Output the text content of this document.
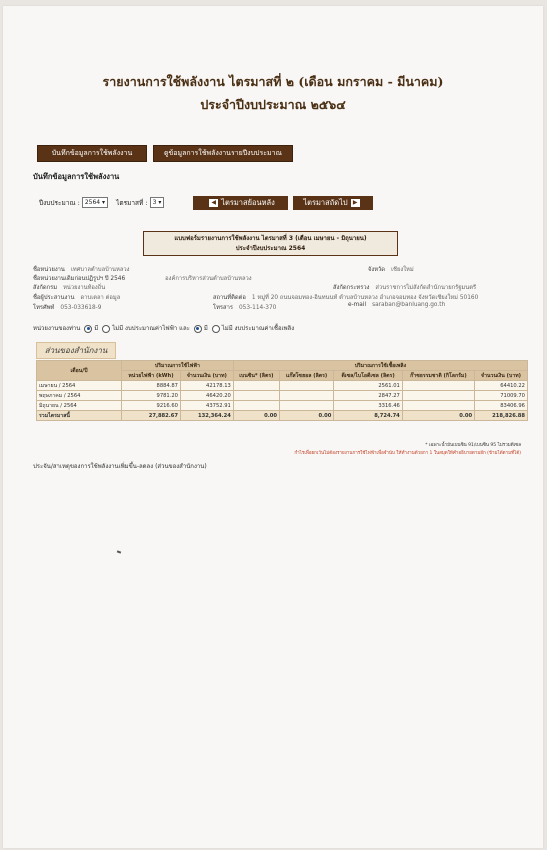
รายงานการใช้พลังงาน ไตรมาสที่ ๒ (เดือน มกราคม - มีนาคม)
ประจำปีงบประมาณ ๒๕๖๔
บันทึกข้อมูลการใช้พลังงาน	ดูข้อมูลการใช้พลังงานรายปีงบประมาณ
บันทึกข้อมูลการใช้พลังงาน
ปีงบประมาณ : 2564 ▾ ไตรมาสที่ : 3 ▾	◀ ไตรมาสย้อนหลัง	ไตรมาสถัดไป ▶
แบบฟอร์มรายงานการใช้พลังงาน ไตรมาสที่ 3 (เดือน เมษายน - มิถุนายน)
ประจำปีงบประมาณ 2564
ชื่อหน่วยงาน เทศบาลตำบลบ้านหลวง	จังหวัด เชียงใหม่
ชื่อหน่วยงานเดิมก่อนปฏิรูปฯ ปี 2546	องค์การบริหารส่วนตำบลบ้านหลวง
สังกัดกรม หน่วยงานท้องถิ่น	สังกัดกระทรวง ส่วนราชการไม่สังกัดสำนักนายกรัฐมนตรี
ชื่อผู้ประสานงาน ดาบเตลา ต่อมูล	สถานที่ติดต่อ 1 หมู่ที่ 20 ถนนจอมทอง-อินทนนท์ ตำบลบ้านหลวง อำเภอจอมทอง จังหวัดเชียงใหม่ 50160
โทรศัพท์ 053-033618-9	โทรสาร 053-114-370	e-mail saraban@banluang.go.th
หน่วยงานของท่าน มี ไม่มี งบประมาณค่าไฟฟ้า และ มี ไม่มี งบประมาณค่าเชื้อเพลิง
ส่วนของสำนักงาน
เดือน/ปี	ปริมาณการใช้ไฟฟ้า		ปริมาณการใช้เชื้อเพลิง				
	หน่วยไฟฟ้า (kWh)	จำนวนเงิน (บาท)	เบนซิน* (ลิตร)	แก๊สโซฮอล (ลิตร)	ดีเซล/ไบโอดีเซล (ลิตร)	ก๊าซธรรมชาติ (กิโลกรัม)	จำนวนเงิน (บาท)
เมษายน / 2564	8884.87	42178.13			2561.01		64410.22
พฤษภาคม / 2564	9781.20	46420.20			2847.27		71009.70
มิถุนายน / 2564	9216.60	43752.91			3316.46		83406.96
รวมไตรมาสนี้	27,882.67	132,364.24	0.00	0.00	8,724.74	0.00	218,826.88
* เฉพาะน้ำมันเบนซิน 91/เบนซิน 95 ไม่รวมดีเซล
กำไรเพื่อยกเว้นไม่ต้องรายงานการใช้ไฟฟ้าเพื่อจำนับ ให้ทำงานด้วยกา 1 ในสมุดให้คำอธิบายตามอีก (ข้ามได้ตามที่ได้)
ประจัน/สาเหตุของการใช้พลังงานเพิ่มขึ้น-ลดลง (ส่วนของสำนักงาน)
